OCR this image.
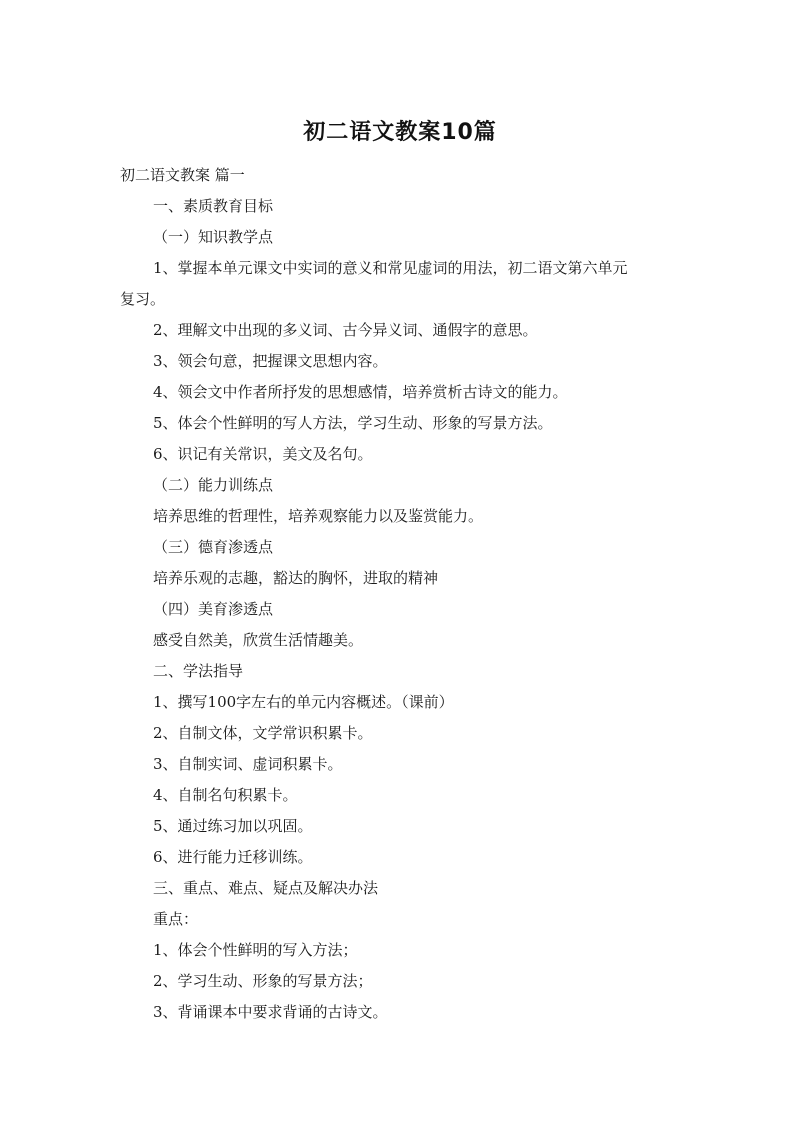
初二语文教案10篇

初二语文教案 篇一

一、素质教育目标

（一）知识教学点

1、掌握本单元课文中实词的意义和常见虚词的用法，初二语文第六单元

复习。

2、理解文中出现的多义词、古今异义词、通假字的意思。

3、领会句意，把握课文思想内容。

4、领会文中作者所抒发的思想感情，培养赏析古诗文的能力。

5、体会个性鲜明的写人方法，学习生动、形象的写景方法。

6、识记有关常识，美文及名句。

（二）能力训练点

培养思维的哲理性，培养观察能力以及鉴赏能力。

（三）德育渗透点

培养乐观的志趣，豁达的胸怀，进取的精神

（四）美育渗透点

感受自然美，欣赏生活情趣美。

二、学法指导

1、撰写100字左右的单元内容概述。（课前）

2、自制文体，文学常识积累卡。

3、自制实词、虚词积累卡。

4、自制名句积累卡。

5、通过练习加以巩固。

6、进行能力迁移训练。

三、重点、难点、疑点及解决办法

重点：

1、体会个性鲜明的写入方法；

2、学习生动、形象的写景方法；

3、背诵课本中要求背诵的古诗文。
